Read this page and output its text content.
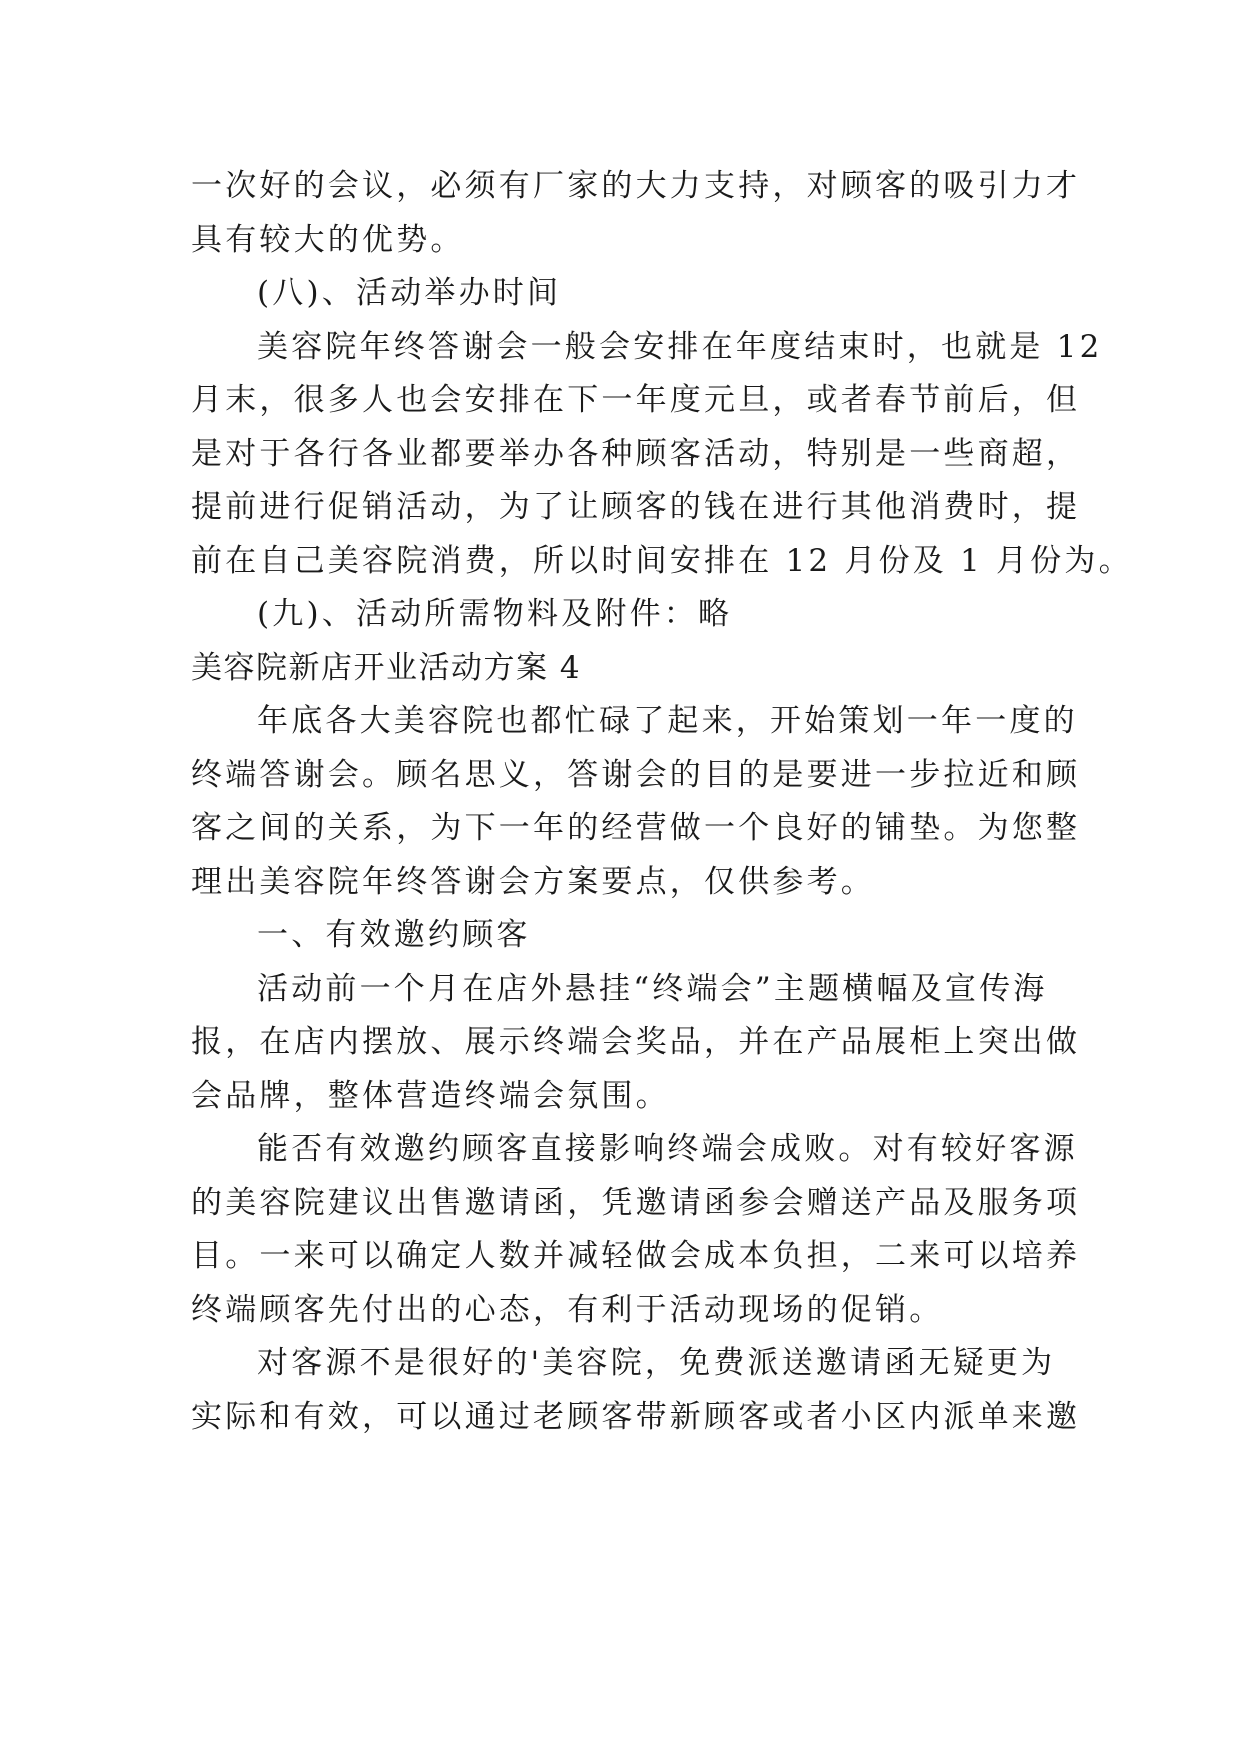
一次好的会议，必须有厂家的大力支持，对顾客的吸引力才
具有较大的优势。
(八)、活动举办时间
美容院年终答谢会一般会安排在年度结束时，也就是 12
月末，很多人也会安排在下一年度元旦，或者春节前后，但
是对于各行各业都要举办各种顾客活动，特别是一些商超，
提前进行促销活动，为了让顾客的钱在进行其他消费时，提
前在自己美容院消费，所以时间安排在 12 月份及 1 月份为。
(九)、活动所需物料及附件：略
美容院新店开业活动方案 4
年底各大美容院也都忙碌了起来，开始策划一年一度的
终端答谢会。顾名思义，答谢会的目的是要进一步拉近和顾
客之间的关系，为下一年的经营做一个良好的铺垫。为您整
理出美容院年终答谢会方案要点，仅供参考。
一、有效邀约顾客
活动前一个月在店外悬挂“终端会”主题横幅及宣传海
报，在店内摆放、展示终端会奖品，并在产品展柜上突出做
会品牌，整体营造终端会氛围。
能否有效邀约顾客直接影响终端会成败。对有较好客源
的美容院建议出售邀请函，凭邀请函参会赠送产品及服务项
目。一来可以确定人数并减轻做会成本负担，二来可以培养
终端顾客先付出的心态，有利于活动现场的促销。
对客源不是很好的'美容院，免费派送邀请函无疑更为
实际和有效，可以通过老顾客带新顾客或者小区内派单来邀
